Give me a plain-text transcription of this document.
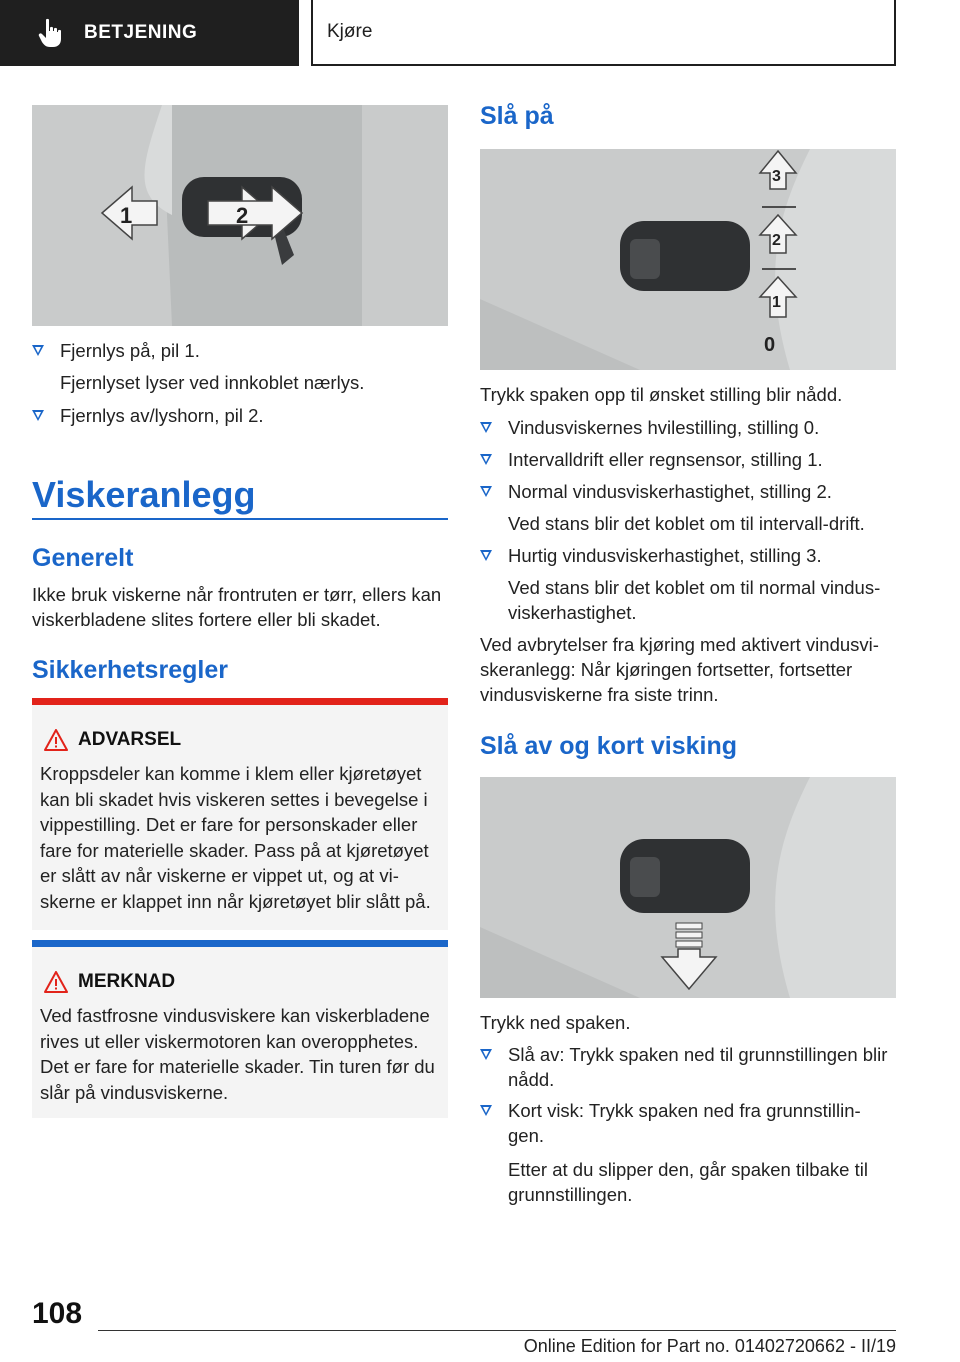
BETJENING	Kjøre
1	2
Fjernlys på, pil 1.
Fjernlyset lyser ved innkoblet nærlys.
Fjernlys av/lyshorn, pil 2.
Viskeranlegg
Generelt
Ikke bruk viskerne når frontruten er tørr, ellers kan viskerbladene slites fortere eller bli skadet.
Sikkerhetsregler
ADVARSEL
Kroppsdeler kan komme i klem eller kjøretøyet kan bli skadet hvis viskeren settes i bevegelse i vippestilling. Det er fare for personskader eller fare for materielle skader. Pass på at kjøretøyet er slått av når viskerne er vippet ut, og at vi-skerne er klappet inn når kjøretøyet blir slått på.
MERKNAD
Ved fastfrosne vindusviskere kan viskerbladene rives ut eller viskermotoren kan overopphetes. Det er fare for materielle skader. Tin turen før du slår på vindusviskerne.
Slå på
3
2
1
0
Trykk spaken opp til ønsket stilling blir nådd.
Vindusviskernes hvilestilling, stilling 0.
Intervalldrift eller regnsensor, stilling 1.
Normal vindusviskerhastighet, stilling 2.
Ved stans blir det koblet om til intervall-drift.
Hurtig vindusviskerhastighet, stilling 3.
Ved stans blir det koblet om til normal vindus-viskerhastighet.
Ved avbrytelser fra kjøring med aktivert vindusvi-skeranlegg: Når kjøringen fortsetter, fortsetter vindusviskerne fra siste trinn.
Slå av og kort visking
Trykk ned spaken.
Slå av: Trykk spaken ned til grunnstillingen blir nådd.
Kort visk: Trykk spaken ned fra grunnstillin-gen.
Etter at du slipper den, går spaken tilbake til grunnstillingen.
108
Online Edition for Part no. 01402720662 - II/19
